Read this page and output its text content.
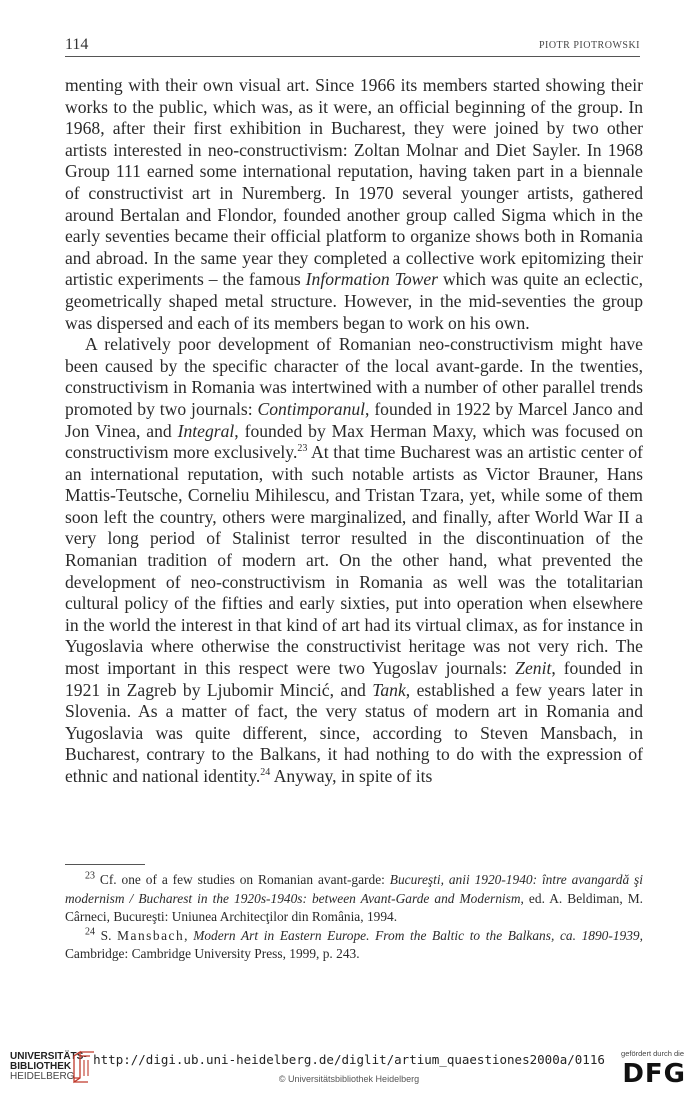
114	PIOTR PIOTROWSKI

menting with their own visual art. Since 1966 its members started showing their works to the public, which was, as it were, an official beginning of the group. In 1968, after their first exhibition in Bucharest, they were joined by two other artists interested in neo-constructivism: Zoltan Molnar and Diet Sayler. In 1968 Group 111 earned some international reputation, having taken part in a biennale of constructivist art in Nuremberg. In 1970 several younger artists, gathered around Bertalan and Flondor, founded another group called Sigma which in the early seventies became their official platform to organize shows both in Romania and abroad. In the same year they completed a collective work epitomizing their artistic experiments – the famous Information Tower which was quite an eclectic, geometrically shaped metal structure. However, in the mid-seventies the group was dispersed and each of its members began to work on his own.

A relatively poor development of Romanian neo-constructivism might have been caused by the specific character of the local avant-garde. In the twenties, constructivism in Romania was intertwined with a number of other parallel trends promoted by two journals: Contimporanul, founded in 1922 by Marcel Janco and Jon Vinea, and Integral, founded by Max Herman Maxy, which was focused on constructivism more exclusively.$^{23}$ At that time Bucharest was an artistic center of an international reputation, with such notable artists as Victor Brauner, Hans Mattis-Teutsche, Corneliu Mihilescu, and Tristan Tzara, yet, while some of them soon left the country, others were marginalized, and finally, after World War II a very long period of Stalinist terror resulted in the discontinuation of the Romanian tradition of modern art. On the other hand, what prevented the development of neo-constructivism in Romania as well was the totalitarian cultural policy of the fifties and early sixties, put into operation when elsewhere in the world the interest in that kind of art had its virtual climax, as for instance in Yugoslavia where otherwise the constructivist heritage was not very rich. The most important in this respect were two Yugoslav journals: Zenit, founded in 1921 in Zagreb by Ljubomir Mincić, and Tank, established a few years later in Slovenia. As a matter of fact, the very status of modern art in Romania and Yugoslavia was quite different, since, according to Steven Mansbach, in Bucharest, contrary to the Balkans, it had nothing to do with the expression of ethnic and national identity.$^{24}$ Anyway, in spite of its

$^{23}$ Cf. one of a few studies on Romanian avant-garde: Bucureşti, anii 1920-1940: între avangardă şi modernism / Bucharest in the 1920s-1940s: between Avant-Garde and Modernism, ed. A. Beldiman, M. Cârneci, Bucureşti: Uniunea Architecţilor din România, 1994.

$^{24}$ S. Mansbach, Modern Art in Eastern Europe. From the Baltic to the Balkans, ca. 1890-1939, Cambridge: Cambridge University Press, 1999, p. 243.

UNIVERSITÄTS-
BIBLIOTHEK
HEIDELBERG
http://digi.ub.uni-heidelberg.de/diglit/artium_quaestiones2000a/0116
© Universitätsbibliothek Heidelberg
gefördert durch die
DFG
